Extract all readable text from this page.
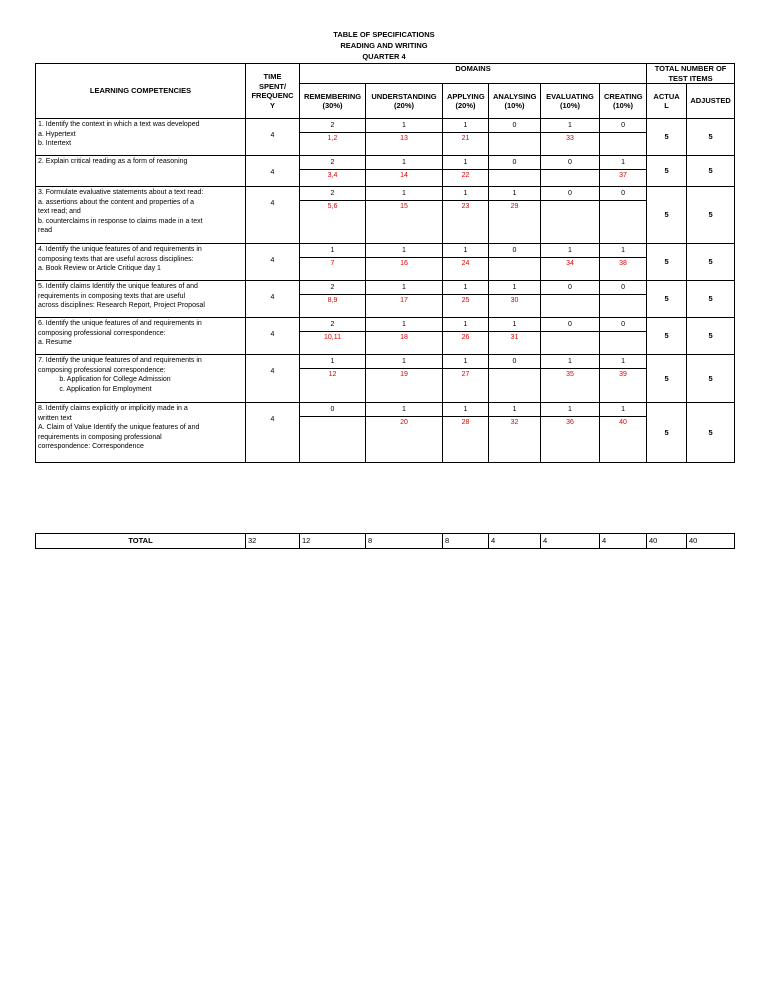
TABLE OF SPECIFICATIONS
READING AND WRITING
QUARTER 4
LEARNING COMPETENCIES	TIME SPENT/ FREQUENC Y	DOMAINS						TOTAL NUMBER OF TEST ITEMS	
		REMEMBERING (30%)	UNDERSTANDING (20%)	APPLYING (20%)	ANALYSING (10%)	EVALUATING (10%)	CREATING (10%)	ACTUA L	ADJUSTED

1. Identify the context in which a text was developed
a. Hypertext
b. Intertext	4	2	1	1	0	1	0	5	5
		1,2	13	21		33			

2. Explain critical reading as a form of reasoning	4	2	1	1	0	0	1	5	5
		3,4	14	22			37		

3. Formulate evaluative statements about a text read:
a. assertions about the content and properties of a
text read; and
b. counterclaims in response to claims made in a text
read	4	2	1	1	1	0	0	5	5
		5,6	15	23	29				

4. Identify the unique features of and requirements in
composing texts that are useful across disciplines:
a. Book Review or Article Critique day 1	4	1	1	1	0	1	1	5	5
		7	16	24		34	38		

5. Identify claims Identify the unique features of and
requirements in composing texts that are useful
across disciplines: Research Report, Project Proposal	4	2	1	1	1	0	0	5	5
		8,9	17	25	30				

6. Identify the unique features of and requirements in
composing professional correspondence:
a. Resume	4	2	1	1	1	0	0	5	5
		10,11	18	26	31				

7. Identify the unique features of and requirements in
composing professional correspondence:
b. Application for College Admission
c. Application for Employment	4	1	1	1	0	1	1	5	5
		12	19	27		35	39		

8. Identify claims explicitly or implicitly made in a
written text
A. Claim of Value Identify the unique features of and
requirements in composing professional
correspondence: Correspondence	4	0	1	1	1	1	1	5	5
			20	28	32	36	40		
TOTAL	32	12	8	8	4	4	4	40	40
